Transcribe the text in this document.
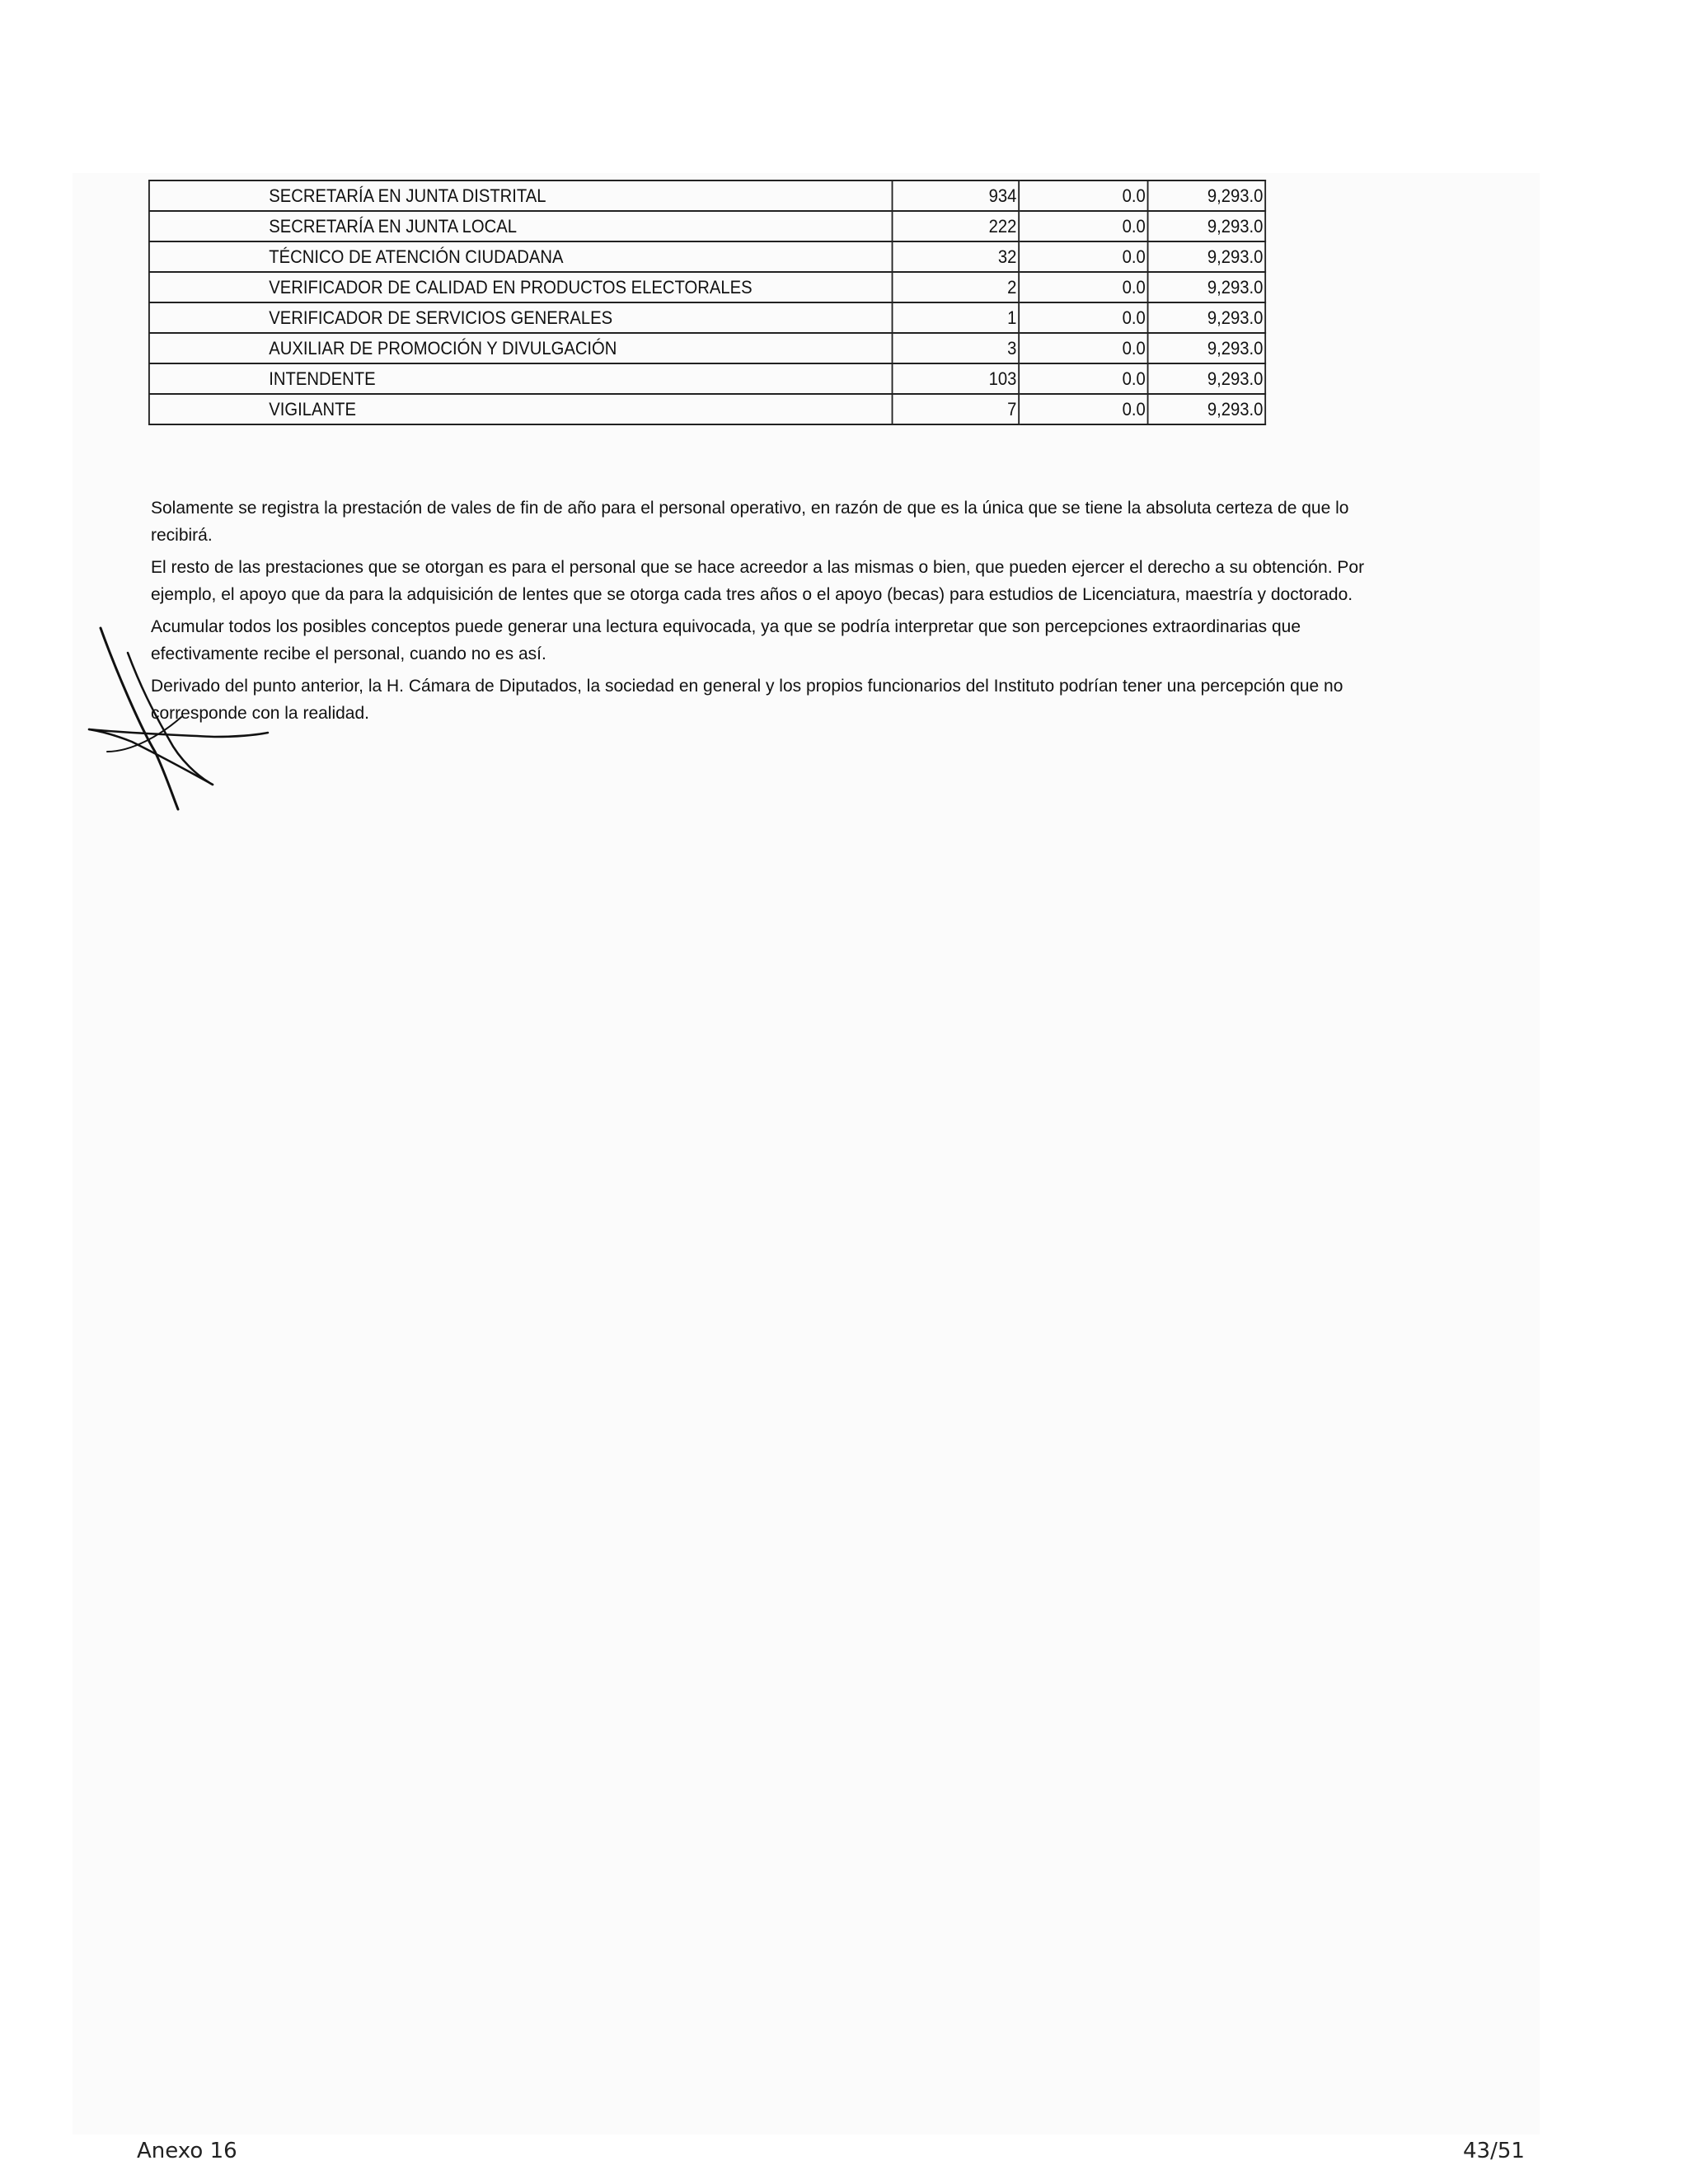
SECRETARÍA EN JUNTA DISTRITAL	934	0.0	9,293.0
SECRETARÍA EN JUNTA LOCAL	222	0.0	9,293.0
TÉCNICO DE ATENCIÓN CIUDADANA	32	0.0	9,293.0
VERIFICADOR DE CALIDAD EN PRODUCTOS ELECTORALES	2	0.0	9,293.0
VERIFICADOR DE SERVICIOS GENERALES	1	0.0	9,293.0
AUXILIAR DE PROMOCIÓN Y DIVULGACIÓN	3	0.0	9,293.0
INTENDENTE	103	0.0	9,293.0
VIGILANTE	7	0.0	9,293.0

Solamente se registra la prestación de vales de fin de año para el personal operativo, en razón de que es la única que se tiene la absoluta certeza de que lo recibirá.

El resto de las prestaciones que se otorgan es para el personal que se hace acreedor a las mismas o bien, que pueden ejercer el derecho a su obtención. Por ejemplo, el apoyo que da para la adquisición de lentes que se otorga cada tres años o el apoyo (becas) para estudios de Licenciatura, maestría y doctorado.

Acumular todos los posibles conceptos puede generar una lectura equivocada, ya que se podría interpretar que son percepciones extraordinarias que efectivamente recibe el personal, cuando no es así.

Derivado del punto anterior, la H. Cámara de Diputados, la sociedad en general y los propios funcionarios del Instituto podrían tener una percepción que no corresponde con la realidad.

Anexo 16	43/51
